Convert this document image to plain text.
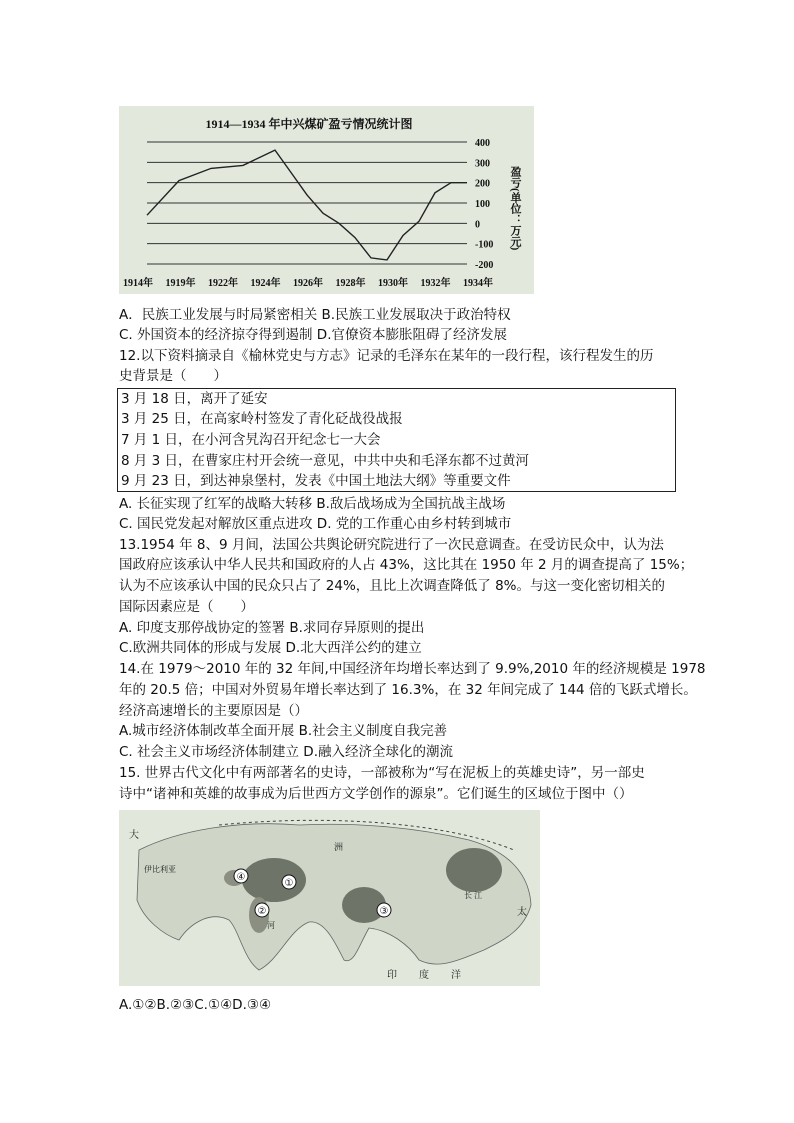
1914—1934 年中兴煤矿盈亏情况统计图
400
300
200
100
0
-100
-200
1914年 1919年 1922年 1924年 1926年 1928年 1930年 1932年 1934年
盈亏(单位：万元)
A．民族工业发展与时局紧密相关 B.民族工业发展取决于政治特权
C. 外国资本的经济掠夺得到遏制 D.官僚资本膨胀阻碍了经济发展
12.以下资料摘录自《榆林党史与方志》记录的毛泽东在某年的一段行程，该行程发生的历
史背景是（　　）
3 月 18 日，离开了延安
3 月 25 日，在高家岭村签发了青化砭战役战报
7 月 1 日，在小河含旯沟召开纪念七一大会
8 月 3 日，在曹家庄村开会统一意见，中共中央和毛泽东都不过黄河
9 月 23 日，到达神泉堡村，发表《中国土地法大纲》等重要文件
A. 长征实现了红军的战略大转移 B.敌后战场成为全国抗战主战场
C. 国民党发起对解放区重点进攻 D. 党的工作重心由乡村转到城市
13.1954 年 8、9 月间，法国公共舆论研究院进行了一次民意调查。在受访民众中，认为法
国政府应该承认中华人民共和国政府的人占 43%，这比其在 1950 年 2 月的调查提高了 15%；
认为不应该承认中国的民众只占了 24%，且比上次调查降低了 8%。与这一变化密切相关的
国际因素应是（　　）
A. 印度支那停战协定的签署 B.求同存异原则的提出
C.欧洲共同体的形成与发展 D.北大西洋公约的建立
14.在 1979～2010 年的 32 年间,中国经济年均增长率达到了 9.9%,2010 年的经济规模是 1978
年的 20.5 倍；中国对外贸易年增长率达到了 16.3%，在 32 年间完成了 144 倍的飞跃式增长。
经济高速增长的主要原因是（）
A.城市经济体制改革全面开展 B.社会主义制度自我完善
C. 社会主义市场经济体制建立 D.融入经济全球化的潮流
15. 世界古代文化中有两部著名的史诗，一部被称为“写在泥板上的英雄史诗”，另一部史
诗中“诸神和英雄的故事成为后世西方文学创作的源泉”。它们诞生的区域位于图中（）
①
②	③
④
大
伊比利亚
印 度 洋
太
洲
河
长 江
A.①②B.②③C.①④D.③④
